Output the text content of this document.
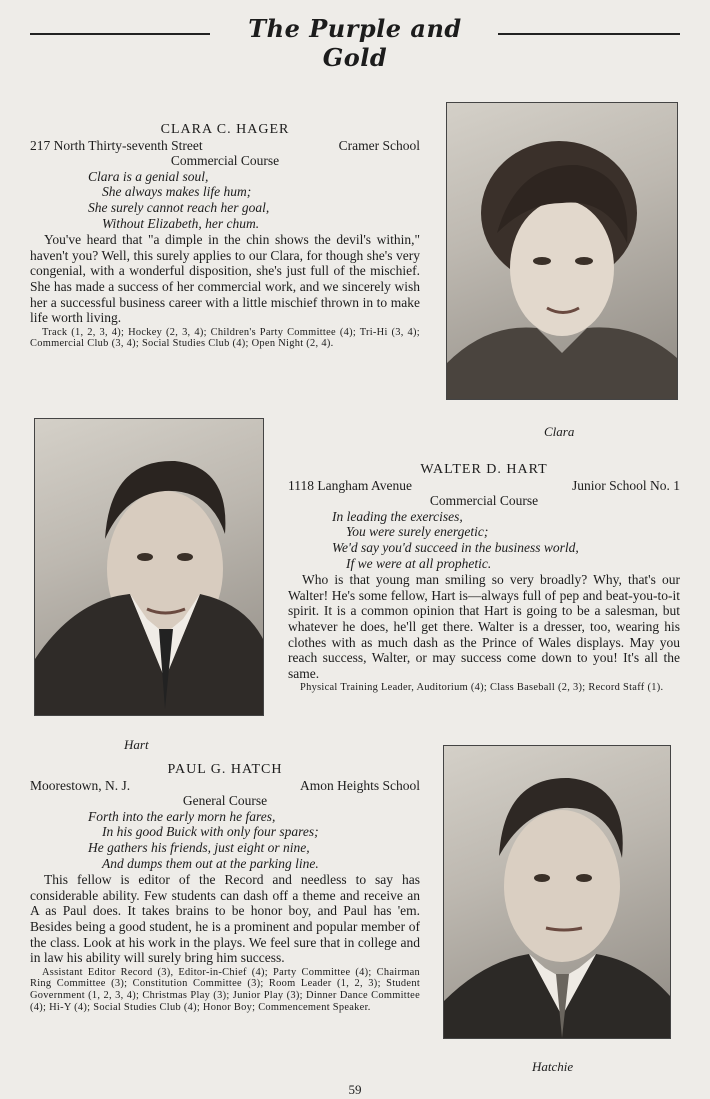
The Purple and Gold
CLARA C. HAGER
217 North Thirty-seventh Street	Cramer School
Commercial Course
Clara is a genial soul,
She always makes life hum;
She surely cannot reach her goal,
Without Elizabeth, her chum.
You've heard that "a dimple in the chin shows the devil's within," haven't you? Well, this surely applies to our Clara, for though she's very congenial, with a wonderful disposition, she's just full of the mischief. She has made a success of her commercial work, and we sincerely wish her a successful business career with a little mischief thrown in to make life worth living.
Track (1, 2, 3, 4); Hockey (2, 3, 4); Children's Party Committee (4); Tri-Hi (3, 4); Commercial Club (3, 4); Social Studies Club (4); Open Night (2, 4).
Clara
Hart
WALTER D. HART
1118 Langham Avenue	Junior School No. 1
Commercial Course
In leading the exercises,
You were surely energetic;
We'd say you'd succeed in the business world,
If we were at all prophetic.
Who is that young man smiling so very broadly? Why, that's our Walter! He's some fellow, Hart is—always full of pep and beat-you-to-it spirit. It is a common opinion that Hart is going to be a salesman, but whatever he does, he'll get there. Walter is a dresser, too, wearing his clothes with as much dash as the Prince of Wales displays. May you reach success, Walter, or may success come down to you! It's all the same.
Physical Training Leader, Auditorium (4); Class Baseball (2, 3); Record Staff (1).
PAUL G. HATCH
Moorestown, N. J.	Amon Heights School
General Course
Forth into the early morn he fares,
In his good Buick with only four spares;
He gathers his friends, just eight or nine,
And dumps them out at the parking line.
This fellow is editor of the Record and needless to say has considerable ability. Few students can dash off a theme and receive an A as Paul does. It takes brains to be honor boy, and Paul has 'em. Besides being a good student, he is a prominent and popular member of the class. Look at his work in the plays. We feel sure that in college and in law his ability will surely bring him success.
Assistant Editor Record (3), Editor-in-Chief (4); Party Committee (4); Chairman Ring Committee (3); Constitution Committee (3); Room Leader (1, 2, 3); Student Government (1, 2, 3, 4); Christmas Play (3); Junior Play (3); Dinner Dance Committee (4); Hi-Y (4); Social Studies Club (4); Honor Boy; Commencement Speaker.
Hatchie
59
